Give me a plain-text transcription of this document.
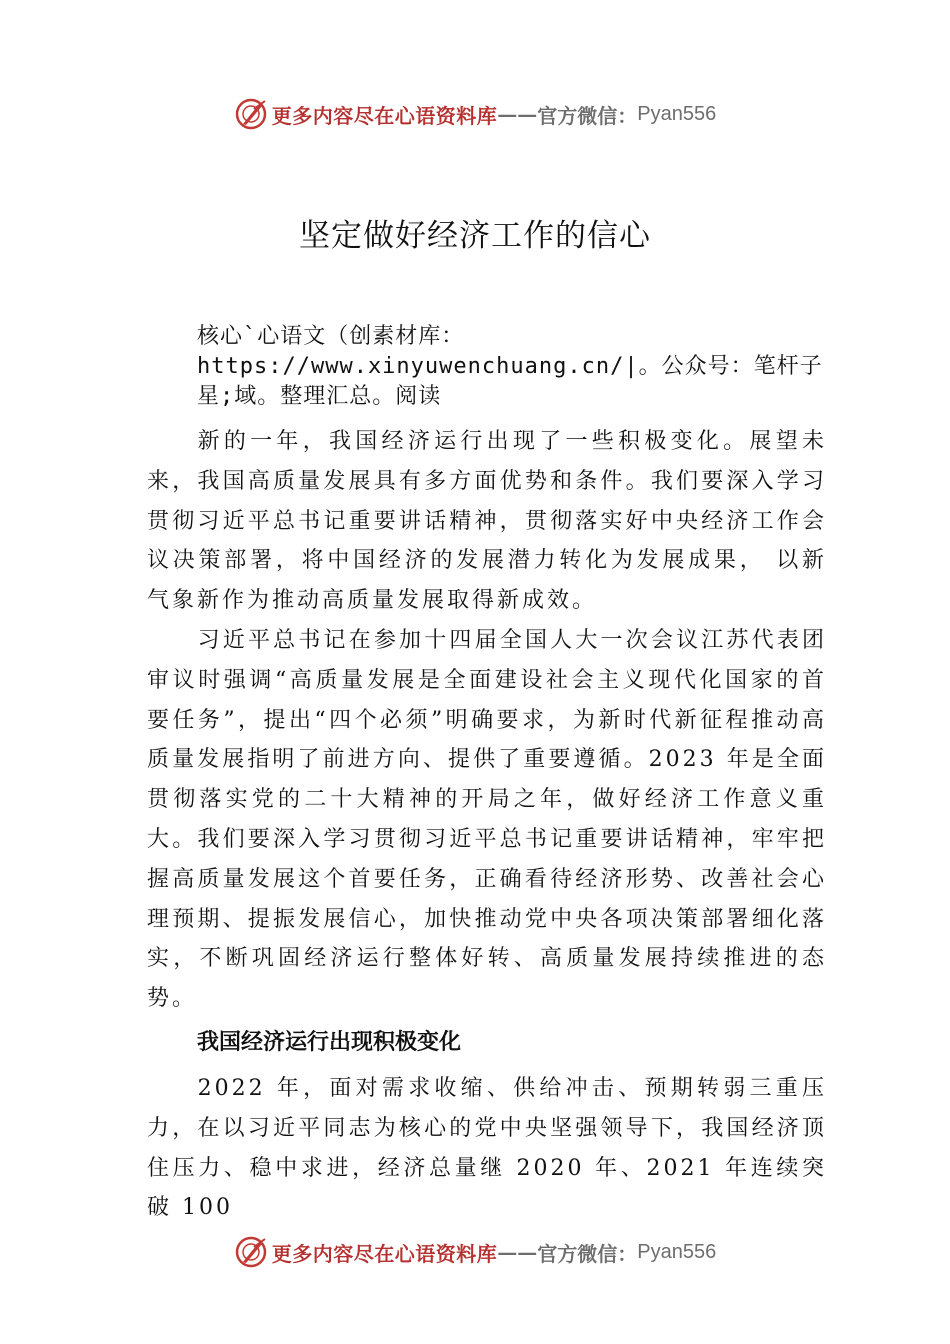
更多内容尽在心语资料库 —— 官方微信： Pyan556
坚定做好经济工作的信心
核心`心语文（创素材库：https://www.xinyuwenchuang.cn/|。公众号：笔杆子星;域。整理汇总。阅读

新的一年，我国经济运行出现了一些积极变化。展望未来，我国高质量发展具有多方面优势和条件。我们要深入学习贯彻习近平总书记重要讲话精神，贯彻落实好中央经济工作会议决策部署，将中国经济的发展潜力转化为发展成果， 以新气象新作为推动高质量发展取得新成效。

习近平总书记在参加十四届全国人大一次会议江苏代表团审议时强调“高质量发展是全面建设社会主义现代化国家的首要任务”，提出“四个必须”明确要求，为新时代新征程推动高质量发展指明了前进方向、提供了重要遵循。2023 年是全面贯彻落实党的二十大精神的开局之年，做好经济工作意义重大。我们要深入学习贯彻习近平总书记重要讲话精神，牢牢把握高质量发展这个首要任务，正确看待经济形势、改善社会心理预期、提振发展信心，加快推动党中央各项决策部署细化落实，不断巩固经济运行整体好转、高质量发展持续推进的态势。

我国经济运行出现积极变化

2022 年，面对需求收缩、供给冲击、预期转弱三重压力，在以习近平同志为核心的党中央坚强领导下，我国经济顶住压力、稳中求进，经济总量继 2020 年、2021 年连续突破 100

更多内容尽在心语资料库 —— 官方微信： Pyan556
